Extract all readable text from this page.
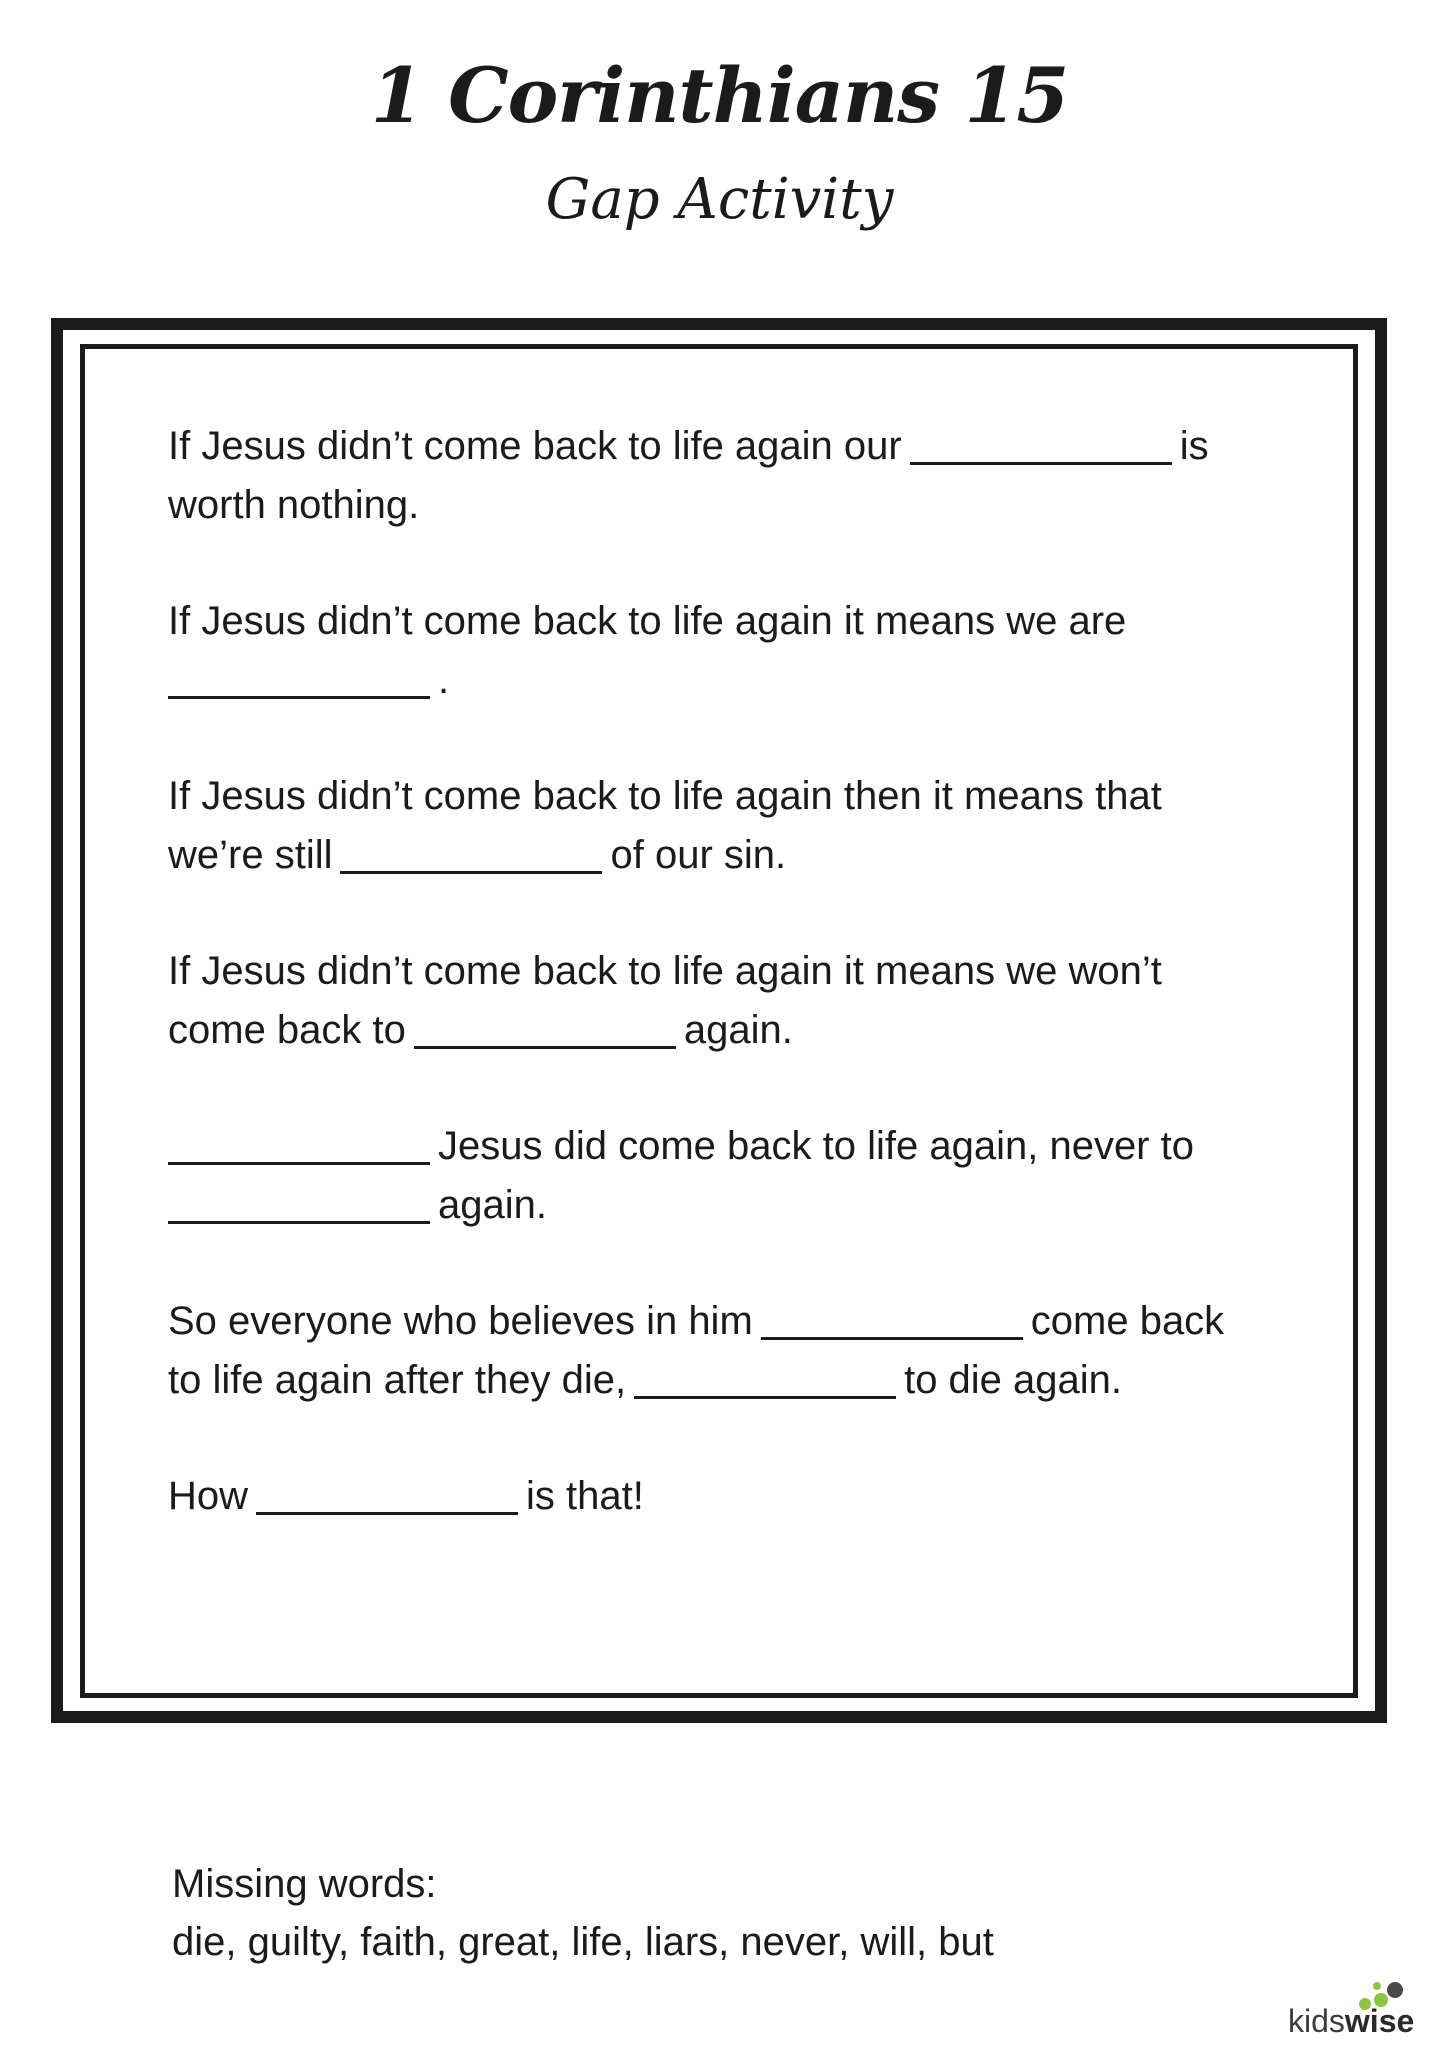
1 Corinthians 15
Gap Activity

If Jesus didn’t come back to life again our	is worth nothing.

If Jesus didn’t come back to life again it means we are
.

If Jesus didn’t come back to life again then it means that we’re still	of our sin.

If Jesus didn’t come back to life again it means we won’t come back to	again.

Jesus did come back to life again, never to
again.

So everyone who believes in him	come back to life again after they die,	to die again.

How	is that!

Missing words:
die, guilty, faith, great, life, liars, never, will, but
kidswise
